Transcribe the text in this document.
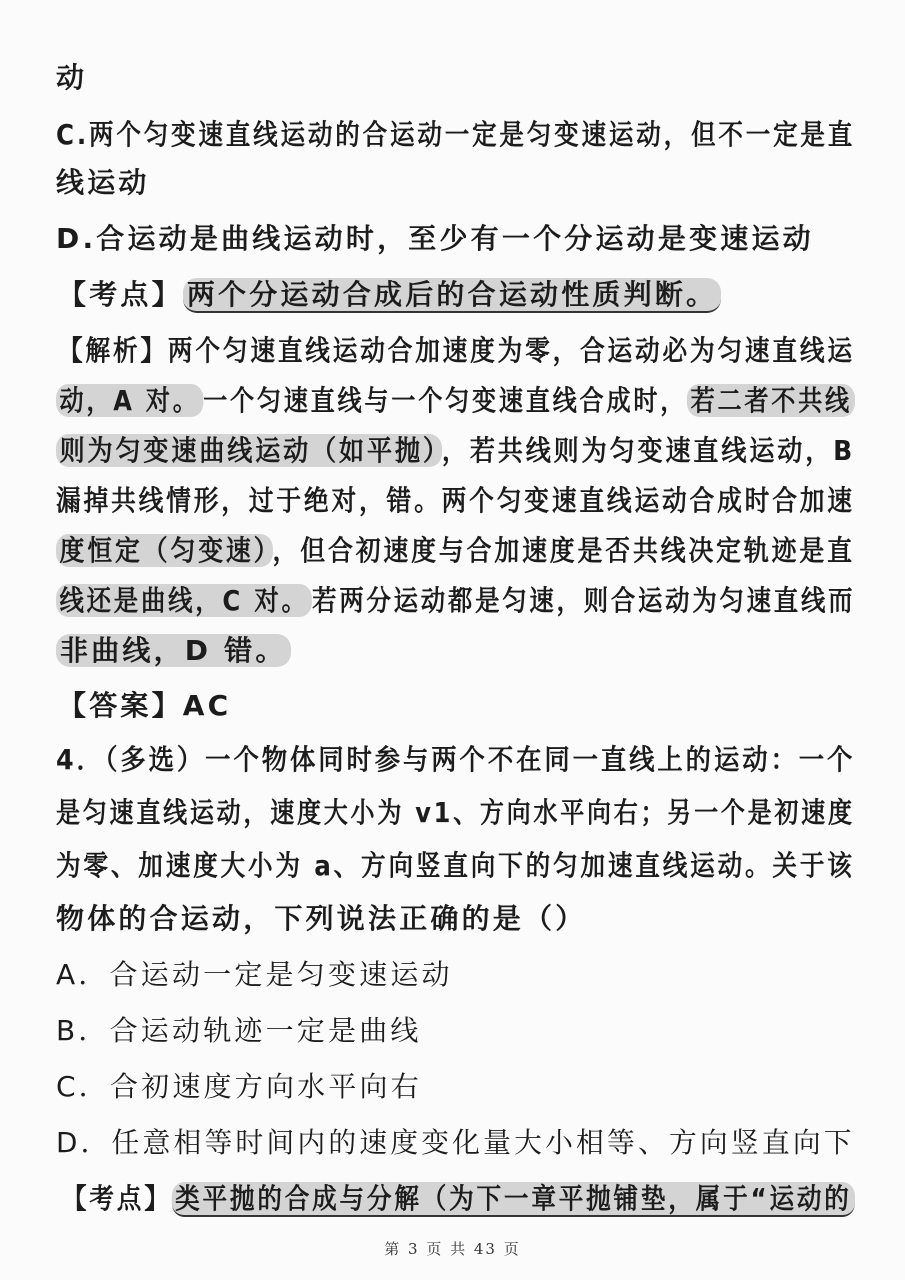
动
C.两个匀变速直线运动的合运动一定是匀变速运动，但不一定是直
线运动
D.合运动是曲线运动时，至少有一个分运动是变速运动
【考点】 两个分运动合成后的合运动性质判断。
【解析】两个匀速直线运动合加速度为零，合运动必为匀速直线运
动，A 对。 一个匀速直线与一个匀变速直线合成时， 若二者不共线
则为匀变速曲线运动（如平抛） ，若共线则为匀变速直线运动，B
漏掉共线情形，过于绝对，错。两个匀变速直线运动合成时合加速
度恒定（匀变速） ，但合初速度与合加速度是否共线决定轨迹是直
线还是曲线，C 对。 若两分运动都是匀速，则合运动为匀速直线而
非曲线，D 错。
【答案】AC
4．（多选）一个物体同时参与两个不在同一直线上的运动：一个
是匀速直线运动，速度大小为 v1、方向水平向右；另一个是初速度
为零、加速度大小为 a、方向竖直向下的匀加速直线运动。关于该
物体的合运动，下列说法正确的是（）
A．合运动一定是匀变速运动
B．合运动轨迹一定是曲线
C．合初速度方向水平向右
D．任意相等时间内的速度变化量大小相等、方向竖直向下
【考点】 类平抛的合成与分解（为下一章平抛铺垫，属于“运动的
第 3 页 共 43 页
